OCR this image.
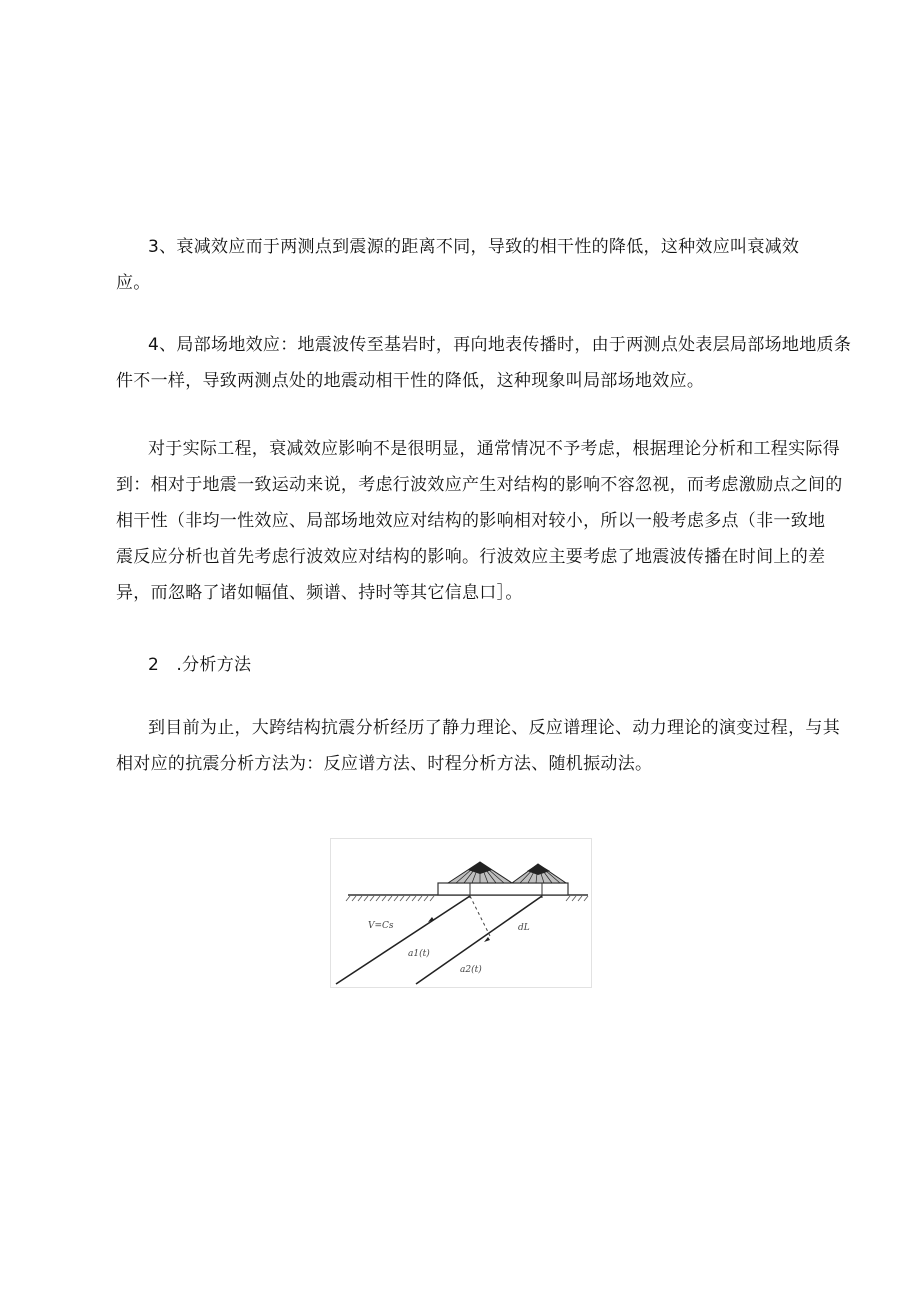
3、衰减效应而于两测点到震源的距离不同，导致的相干性的降低，这种效应叫衰减效
应。

4、局部场地效应：地震波传至基岩时，再向地表传播时，由于两测点处表层局部场地地质条
件不一样，导致两测点处的地震动相干性的降低，这种现象叫局部场地效应。

对于实际工程，衰减效应影响不是很明显，通常情况不予考虑，根据理论分析和工程实际得
到：相对于地震一致运动来说，考虑行波效应产生对结构的影响不容忽视，而考虑激励点之间的
相干性（非均一性效应、局部场地效应对结构的影响相对较小，所以一般考虑多点（非一致地
震反应分析也首先考虑行波效应对结构的影响。行波效应主要考虑了地震波传播在时间上的差
异，而忽略了诸如幅值、频谱、持时等其它信息口］。

2　.分析方法

到目前为止，大跨结构抗震分析经历了静力理论、反应谱理论、动力理论的演变过程，与其
相对应的抗震分析方法为：反应谱方法、时程分析方法、随机振动法。

V=Cs
a1(t)
a2(t)
dL
